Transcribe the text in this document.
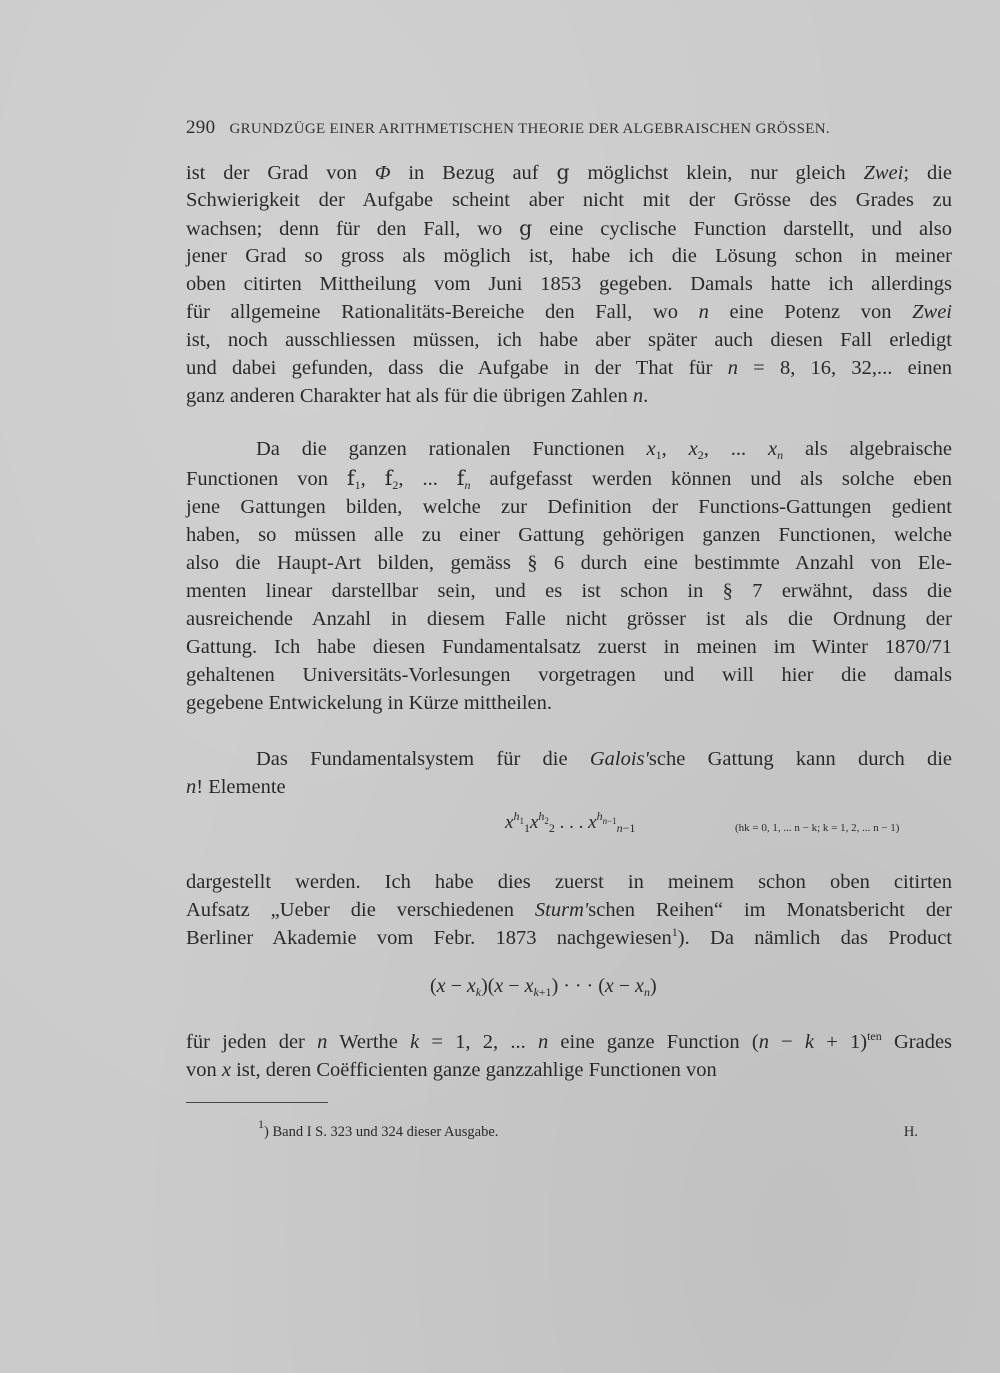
290 GRUNDZÜGE EINER ARITHMETISCHEN THEORIE DER ALGEBRAISCHEN GRÖSSEN.
ist der Grad von Φ in Bezug auf g möglichst klein, nur gleich Zwei; die
Schwierigkeit der Aufgabe scheint aber nicht mit der Grösse des Grades zu
wachsen; denn für den Fall, wo g eine cyclische Function darstellt, und also
jener Grad so gross als möglich ist, habe ich die Lösung schon in meiner
oben citirten Mittheilung vom Juni 1853 gegeben. Damals hatte ich allerdings
für allgemeine Rationalitäts-Bereiche den Fall, wo n eine Potenz von Zwei
ist, noch ausschliessen müssen, ich habe aber später auch diesen Fall erledigt
und dabei gefunden, dass die Aufgabe in der That für n = 8, 16, 32,... einen
ganz anderen Charakter hat als für die übrigen Zahlen n.
Da die ganzen rationalen Functionen $x_1$, $x_2$, ... $x_n$ als algebraische
Functionen von $f_1$, $f_2$, ... $f_n$ aufgefasst werden können und als solche eben
jene Gattungen bilden, welche zur Definition der Functions-Gattungen gedient
haben, so müssen alle zu einer Gattung gehörigen ganzen Functionen, welche
also die Haupt-Art bilden, gemäss § 6 durch eine bestimmte Anzahl von Ele-
menten linear darstellbar sein, und es ist schon in § 7 erwähnt, dass die
ausreichende Anzahl in diesem Falle nicht grösser ist als die Ordnung der
Gattung. Ich habe diesen Fundamentalsatz zuerst in meinen im Winter 1870/71
gehaltenen Universitäts-Vorlesungen vorgetragen und will hier die damals
gegebene Entwickelung in Kürze mittheilen.
Das Fundamentalsystem für die Galois'sche Gattung kann durch die
n! Elemente
$x^{h_1}_1x^{h_2}_2$ . . . $x^{h_{n-1}}_{n-1}$	(hk = 0, 1, ... n − k; k = 1, 2, ... n − 1)
dargestellt werden. Ich habe dies zuerst in meinem schon oben citirten
Aufsatz „Ueber die verschiedenen Sturm'schen Reihen“ im Monatsbericht der
Berliner Akademie vom Febr. 1873 nachgewiesen$^1$). Da nämlich das Product
$(x - x_k)(x - x_{k+1})$ · · · $(x - x_n)$
für jeden der n Werthe k = 1, 2, ... n eine ganze Function $(n - k + 1)^{ten}$ Grades
von x ist, deren Coëfficienten ganze ganzzahlige Functionen von
$^1$) Band I S. 323 und 324 dieser Ausgabe.	H.
